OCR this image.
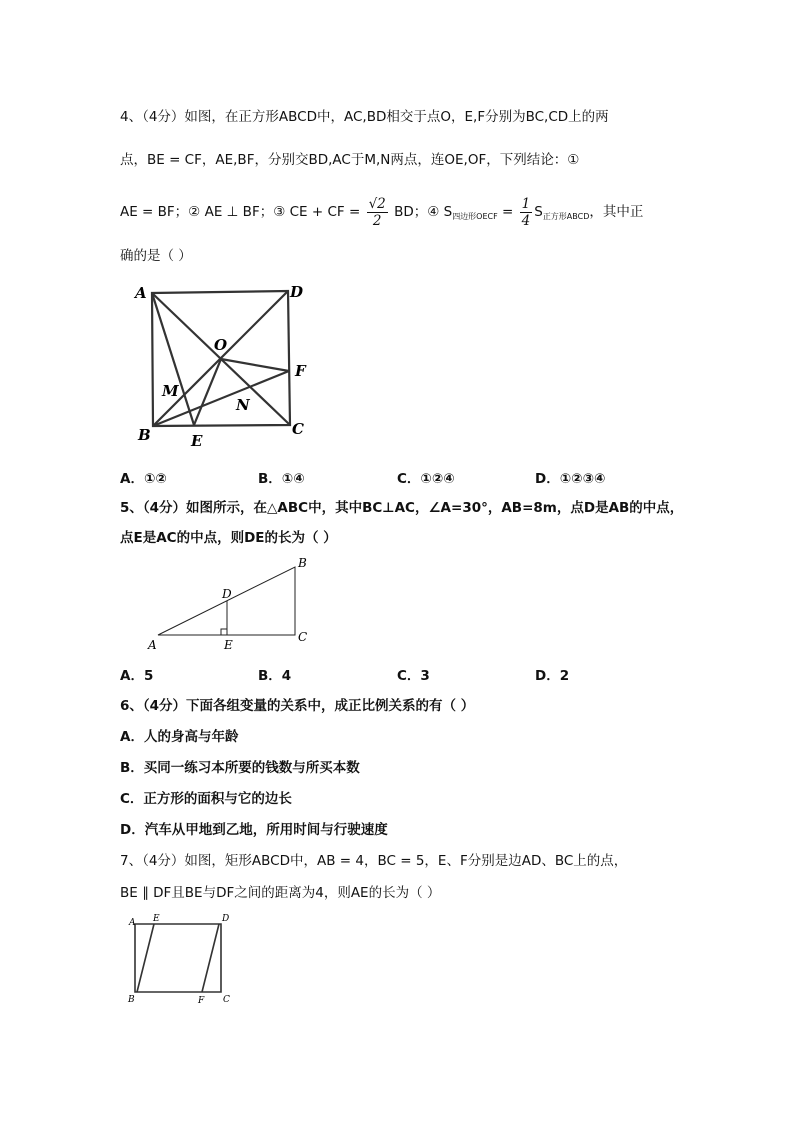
4、（4分）如图，在正方形ABCD中，AC,BD相交于点O，E,F分别为BC,CD上的两
点，BE = CF，AE,BF，分别交BD,AC于M,N两点，连OE,OF，下列结论：①
AE = BF；② AE ⊥ BF；③ CE + CF = $\frac{√2}{2}$ BD；④ $S_{四边形OECF} = \frac{1}{4} S_{正方形ABCD}$，其中正
确的是（ ）
A	D
O
F
M
N
B	E
C
A．①②	B．①④	C．①②④	D．①②③④
5、（4分）如图所示，在△ABC中，其中BC⊥AC，∠A=30°，AB=8m，点D是AB的中点，
点E是AC的中点，则DE的长为（ ）
A
B
C
D
E
A．5	B．4	C．3	D．2
6、（4分）下面各组变量的关系中，成正比例关系的有（ ）
A．人的身高与年龄
B．买同一练习本所要的钱数与所买本数
C．正方形的面积与它的边长
D．汽车从甲地到乙地，所用时间与行驶速度
7、（4分）如图，矩形ABCD中，AB = 4，BC = 5，E、F分别是边AD、BC上的点，
BE ∥ DF且BE与DF之间的距离为4，则AE的长为（ ）
A E	D
B	F C
